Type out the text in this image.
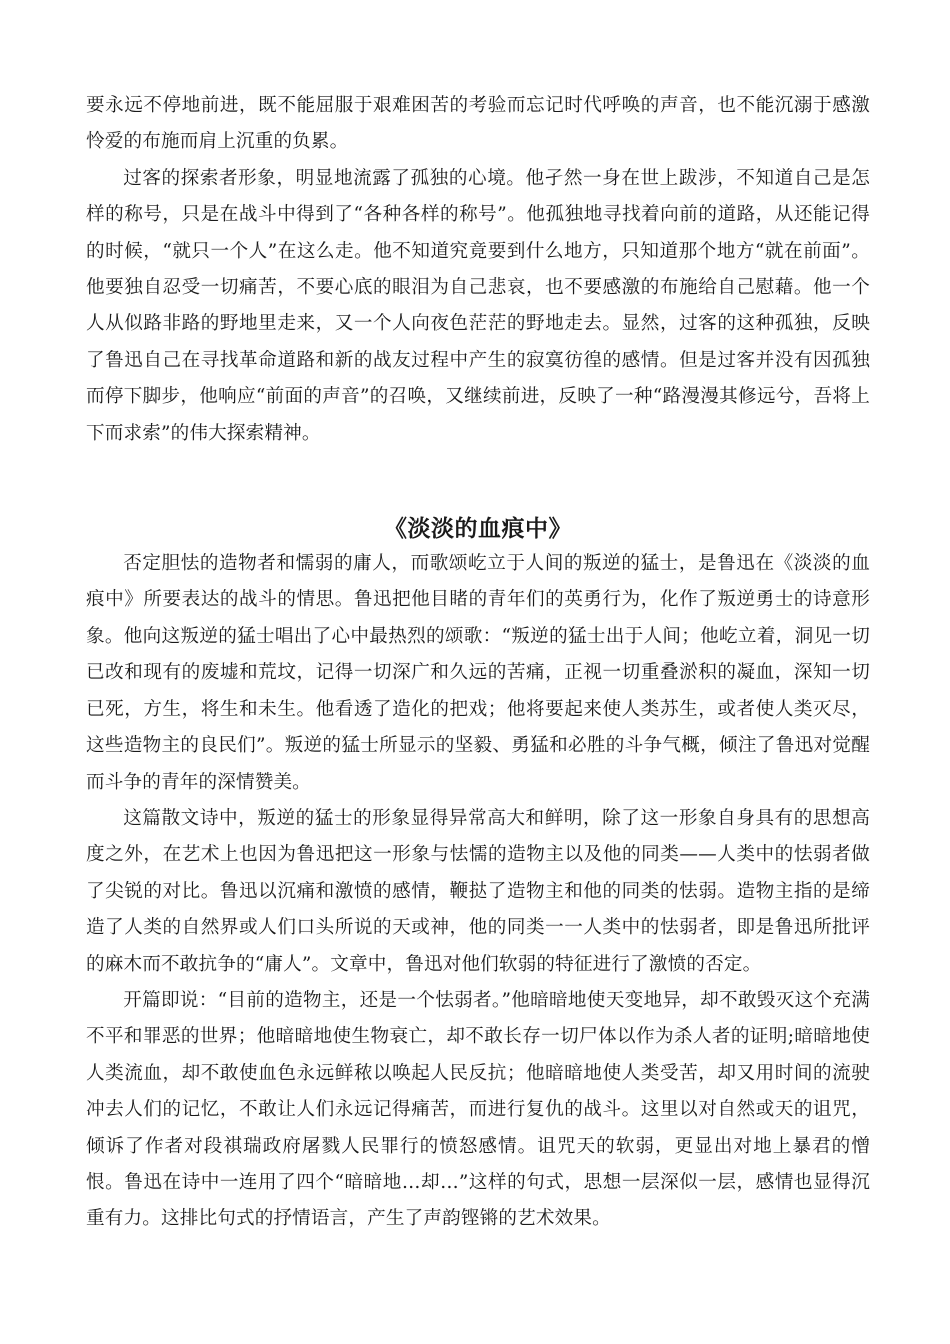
要永远不停地前进，既不能屈服于艰难困苦的考验而忘记时代呼唤的声音，也不能沉溺于感激怜爱的布施而肩上沉重的负累。

过客的探索者形象，明显地流露了孤独的心境。他孑然一身在世上跋涉，不知道自己是怎样的称号，只是在战斗中得到了“各种各样的称号”。他孤独地寻找着向前的道路，从还能记得的时候，“就只一个人”在这么走。他不知道究竟要到什么地方，只知道那个地方“就在前面”。他要独自忍受一切痛苦，不要心底的眼泪为自己悲哀，也不要感激的布施给自己慰藉。他一个人从似路非路的野地里走来，又一个人向夜色茫茫的野地走去。显然，过客的这种孤独，反映了鲁迅自己在寻找革命道路和新的战友过程中产生的寂寞彷徨的感情。但是过客并没有因孤独而停下脚步，他响应“前面的声音”的召唤，又继续前进，反映了一种“路漫漫其修远兮，吾将上下而求索”的伟大探索精神。

《淡淡的血痕中》

否定胆怯的造物者和懦弱的庸人，而歌颂屹立于人间的叛逆的猛士，是鲁迅在《淡淡的血痕中》所要表达的战斗的情思。鲁迅把他目睹的青年们的英勇行为，化作了叛逆勇士的诗意形象。他向这叛逆的猛士唱出了心中最热烈的颂歌：“叛逆的猛士出于人间；他屹立着，洞见一切已改和现有的废墟和荒坟，记得一切深广和久远的苦痛，正视一切重叠淤积的凝血，深知一切已死，方生，将生和未生。他看透了造化的把戏；他将要起来使人类苏生，或者使人类灭尽，这些造物主的良民们”。叛逆的猛士所显示的坚毅、勇猛和必胜的斗争气概，倾注了鲁迅对觉醒而斗争的青年的深情赞美。

这篇散文诗中，叛逆的猛士的形象显得异常高大和鲜明，除了这一形象自身具有的思想高度之外，在艺术上也因为鲁迅把这一形象与怯懦的造物主以及他的同类——人类中的怯弱者做了尖锐的对比。鲁迅以沉痛和激愤的感情，鞭挞了造物主和他的同类的怯弱。造物主指的是缔造了人类的自然界或人们口头所说的天或神，他的同类一一人类中的怯弱者，即是鲁迅所批评的麻木而不敢抗争的“庸人”。文章中，鲁迅对他们软弱的特征进行了激愤的否定。

开篇即说：“目前的造物主，还是一个怯弱者。”他暗暗地使天变地异，却不敢毁灭这个充满不平和罪恶的世界；他暗暗地使生物衰亡，却不敢长存一切尸体以作为杀人者的证明;暗暗地使人类流血，却不敢使血色永远鲜秾以唤起人民反抗；他暗暗地使人类受苦，却又用时间的流驶冲去人们的记忆，不敢让人们永远记得痛苦，而进行复仇的战斗。这里以对自然或天的诅咒，倾诉了作者对段祺瑞政府屠戮人民罪行的愤怒感情。诅咒天的软弱，更显出对地上暴君的憎恨。鲁迅在诗中一连用了四个“暗暗地…却…”这样的句式，思想一层深似一层，感情也显得沉重有力。这排比句式的抒情语言，产生了声韵铿锵的艺术效果。
